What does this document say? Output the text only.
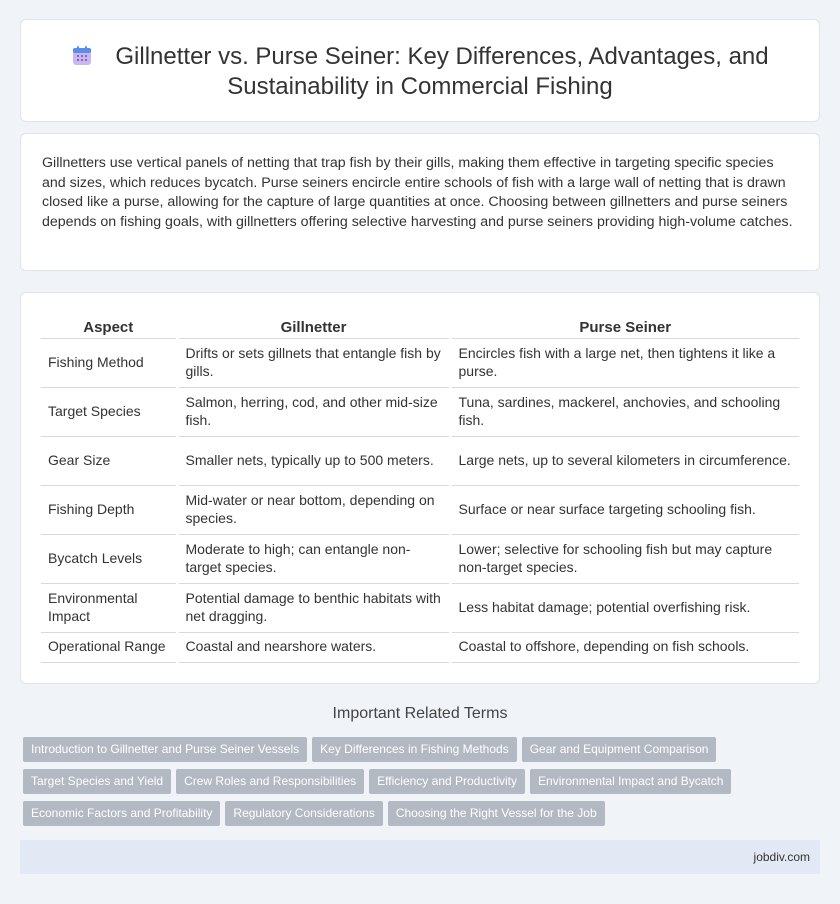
Gillnetter vs. Purse Seiner: Key Differences, Advantages, and Sustainability in Commercial Fishing

Gillnetters use vertical panels of netting that trap fish by their gills, making them effective in targeting specific species and sizes, which reduces bycatch. Purse seiners encircle entire schools of fish with a large wall of netting that is drawn closed like a purse, allowing for the capture of large quantities at once. Choosing between gillnetters and purse seiners depends on fishing goals, with gillnetters offering selective harvesting and purse seiners providing high-volume catches.

Aspect	Gillnetter	Purse Seiner
Fishing Method	Drifts or sets gillnets that entangle fish by gills.	Encircles fish with a large net, then tightens it like a purse.
Target Species	Salmon, herring, cod, and other mid-size fish.	Tuna, sardines, mackerel, anchovies, and schooling fish.
Gear Size	Smaller nets, typically up to 500 meters.	Large nets, up to several kilometers in circumference.
Fishing Depth	Mid-water or near bottom, depending on species.	Surface or near surface targeting schooling fish.
Bycatch Levels	Moderate to high; can entangle non-target species.	Lower; selective for schooling fish but may capture non-target species.
Environmental Impact	Potential damage to benthic habitats with net dragging.	Less habitat damage; potential overfishing risk.
Operational Range	Coastal and nearshore waters.	Coastal to offshore, depending on fish schools.
Important Related Terms
Introduction to Gillnetter and Purse Seiner Vessels Key Differences in Fishing Methods Gear and Equipment Comparison
Target Species and Yield Crew Roles and Responsibilities Efficiency and Productivity Environmental Impact and Bycatch
Economic Factors and Profitability Regulatory Considerations Choosing the Right Vessel for the Job
jobdiv.com
